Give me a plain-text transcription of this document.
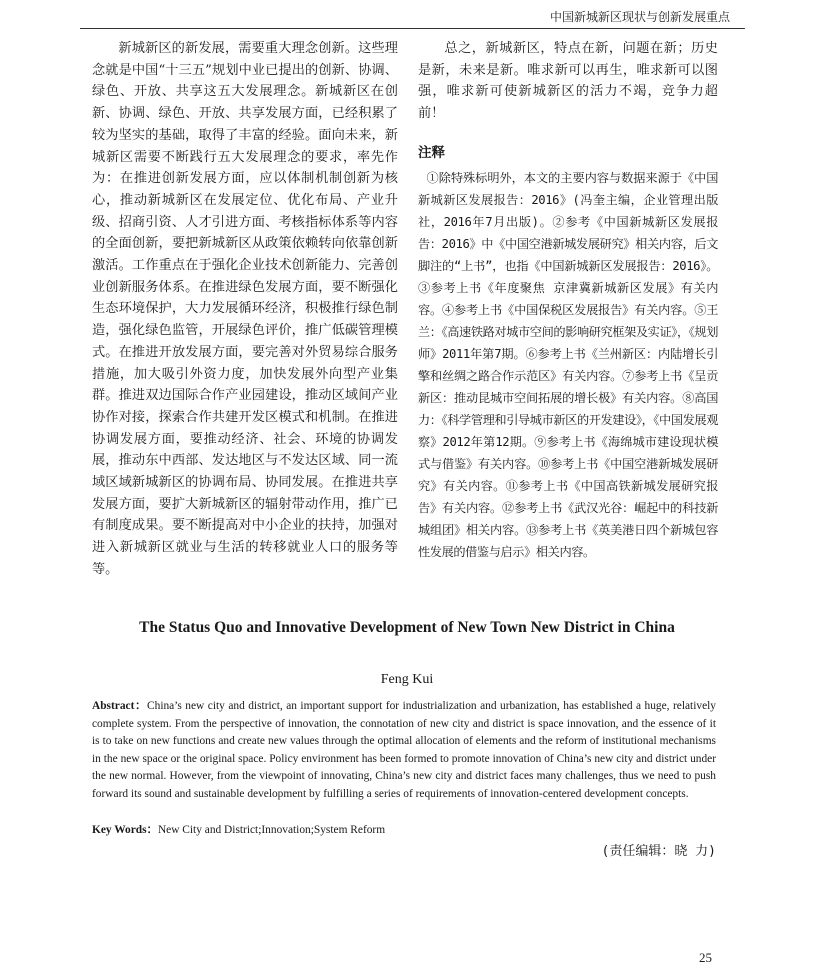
中国新城新区现状与创新发展重点

新城新区的新发展，需要重大理念创新。这些理念就是中国“十三五”规划中业已提出的创新、协调、绿色、开放、共享这五大发展理念。新城新区在创新、协调、绿色、开放、共享发展方面，已经积累了较为坚实的基础，取得了丰富的经验。面向未来，新城新区需要不断践行五大发展理念的要求，率先作为：在推进创新发展方面，应以体制机制创新为核心，推动新城新区在发展定位、优化布局、产业升级、招商引资、人才引进方面、考核指标体系等内容的全面创新，要把新城新区从政策依赖转向依靠创新激活。工作重点在于强化企业技术创新能力、完善创业创新服务体系。在推进绿色发展方面，要不断强化生态环境保护，大力发展循环经济，积极推行绿色制造，强化绿色监管，开展绿色评价，推广低碳管理模式。在推进开放发展方面，要完善对外贸易综合服务措施，加大吸引外资力度，加快发展外向型产业集群。推进双边国际合作产业园建设，推动区域间产业协作对接，探索合作共建开发区模式和机制。在推进协调发展方面，要推动经济、社会、环境的协调发展，推动东中西部、发达地区与不发达区域、同一流域区域新城新区的协调布局、协同发展。在推进共享发展方面，要扩大新城新区的辐射带动作用，推广已有制度成果。要不断提高对中小企业的扶持，加强对进入新城新区就业与生活的转移就业人口的服务等等。

总之，新城新区，特点在新，问题在新；历史是新，未来是新。唯求新可以再生，唯求新可以图强，唯求新可使新城新区的活力不竭，竞争力超前！

注释

①除特殊标明外，本文的主要内容与数据来源于《中国新城新区发展报告：2016》(冯奎主编，企业管理出版社，2016年7月出版)。②参考《中国新城新区发展报告：2016》中《中国空港新城发展研究》相关内容，后文脚注的“上书”，也指《中国新城新区发展报告：2016》。③参考上书《年度聚焦 京津冀新城新区发展》有关内容。④参考上书《中国保税区发展报告》有关内容。⑤王兰：《高速铁路对城市空间的影响研究框架及实证》，《规划师》2011年第7期。⑥参考上书《兰州新区：内陆增长引擎和丝绸之路合作示范区》有关内容。⑦参考上书《呈贡新区：推动昆城市空间拓展的增长极》有关内容。⑧高国力：《科学管理和引导城市新区的开发建设》，《中国发展观察》2012年第12期。⑨参考上书《海绵城市建设现状模式与借鉴》有关内容。⑩参考上书《中国空港新城发展研究》有关内容。⑪参考上书《中国高铁新城发展研究报告》有关内容。⑫参考上书《武汉光谷：崛起中的科技新城组团》相关内容。⑬参考上书《英美港日四个新城包容性发展的借鉴与启示》相关内容。

The Status Quo and Innovative Development of New Town New District in China
Feng Kui

Abstract：China’s new city and district, an important support for industrialization and urbanization, has established a huge, relatively complete system. From the perspective of innovation, the connotation of new city and district is space innovation, and the essence of it is to take on new functions and create new values through the optimal allocation of elements and the reform of institutional mechanisms in the new space or the original space. Policy environment has been formed to promote innovation of China’s new city and district under the new normal. However, from the viewpoint of innovating, China’s new city and district faces many challenges, thus we need to push forward its sound and sustainable development by fulfilling a series of requirements of innovation-centered development concepts.

Key Words：New City and District;Innovation;System Reform

(责任编辑：晓 力)
25
